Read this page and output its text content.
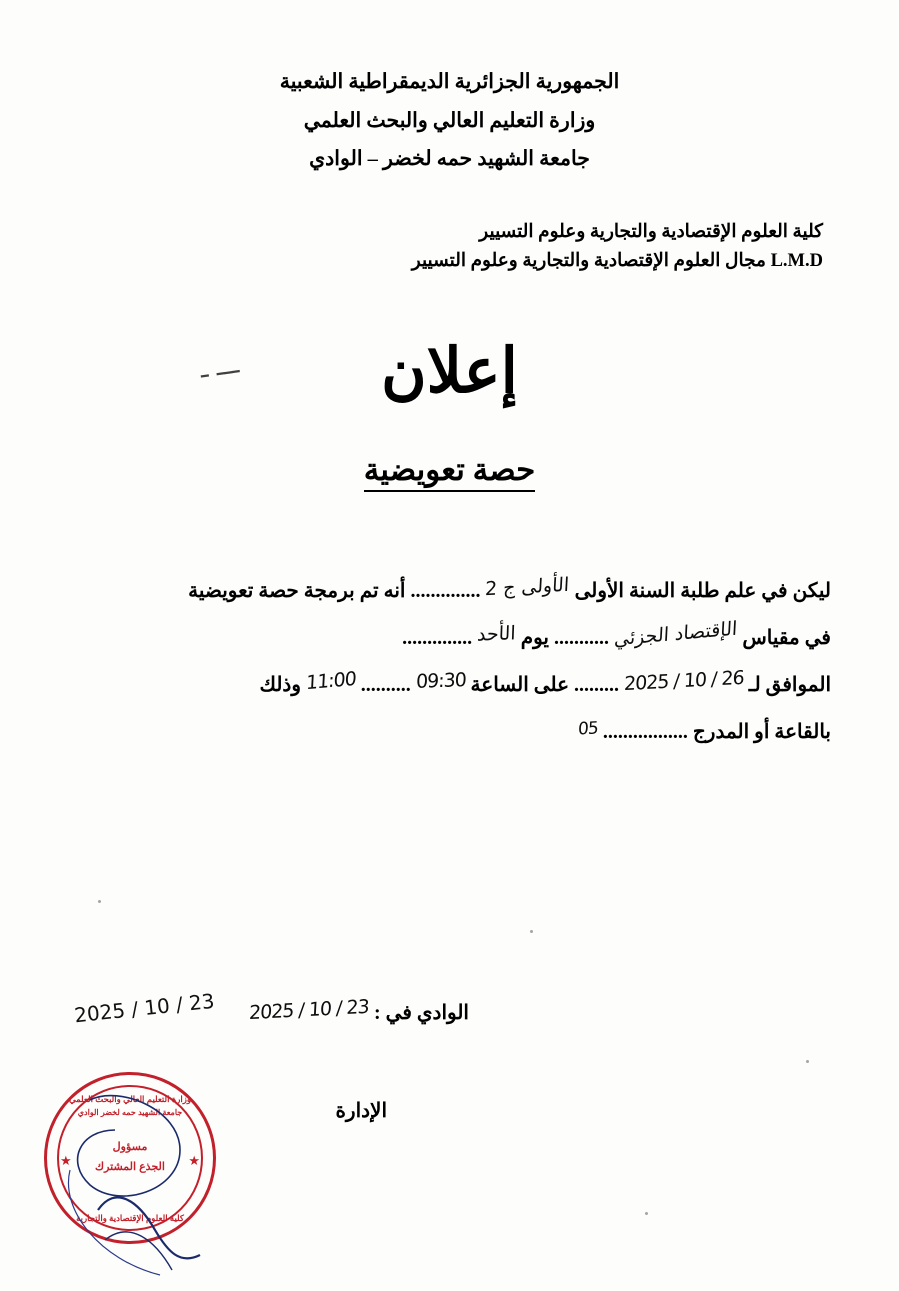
الجمهورية الجزائرية الديمقراطية الشعبية
وزارة التعليم العالي والبحث العلمي
جامعة الشهيد حمه لخضر – الوادي
كلية العلوم الإقتصادية والتجارية وعلوم التسيير
L.M.D مجال العلوم الإقتصادية والتجارية وعلوم التسيير
إعلان
ـــ ـ
حصة تعويضية
ليكن في علم طلبة السنة الأولى الأولى ج 2 .............. أنه تم برمجة حصة تعويضية
في مقياس الإقتصاد الجزئي ........... يوم الأحد ..............
الموافق لـ 26 / 10 / 2025 ......... على الساعة 09:30 .......... 11:00 وذلك
بالقاعة أو المدرج ................. 05
الوادي في : 23 / 10 / 2025
الإدارة
★	★
وزارة التعليم العالي والبحث العلمي
جامعة الشهيد حمه لخضر الوادي
مسؤول
الجذع المشترك
كلية العلوم الإقتصادية والتجارية
23 / 10 / 2025
